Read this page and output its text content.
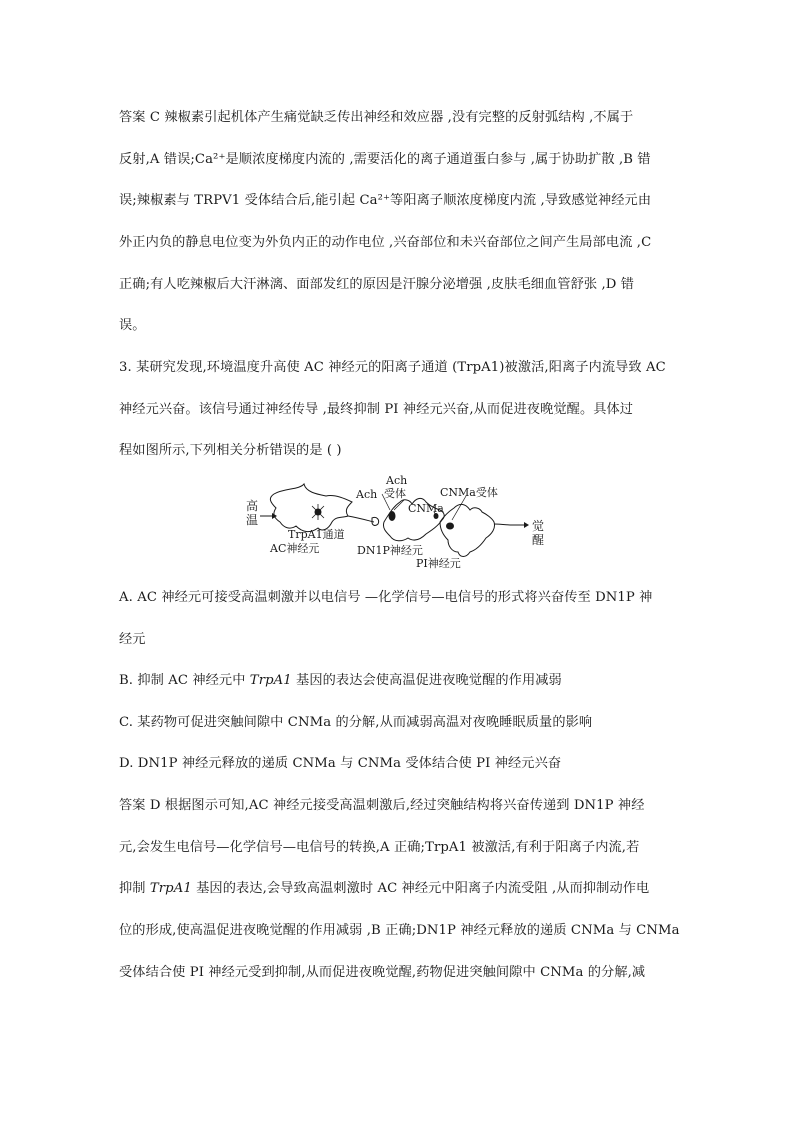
答案 C 辣椒素引起机体产生痛觉缺乏传出神经和效应器 ,没有完整的反射弧结构 ,不属于
反射,A 错误;Ca²⁺是顺浓度梯度内流的 ,需要活化的离子通道蛋白参与 ,属于协助扩散 ,B 错
误;辣椒素与 TRPV1 受体结合后,能引起 Ca²⁺等阳离子顺浓度梯度内流 ,导致感觉神经元由
外正内负的静息电位变为外负内正的动作电位 ,兴奋部位和未兴奋部位之间产生局部电流 ,C
正确;有人吃辣椒后大汗淋漓、面部发红的原因是汗腺分泌增强 ,皮肤毛细血管舒张 ,D 错
误。
3. 某研究发现,环境温度升高使 AC 神经元的阳离子通道 (TrpA1)被激活,阳离子内流导致 AC
神经元兴奋。该信号通过神经传导 ,最终抑制 PI 神经元兴奋,从而促进夜晚觉醒。具体过
程如图所示,下列相关分析错误的是 ( )
高
温
TrpA1通道
AC神经元
Ach
Ach
受体
CNMa
CNMa受体
DN1P神经元
PI神经元
觉
醒
A. AC 神经元可接受高温刺激并以电信号 —化学信号—电信号的形式将兴奋传至 DN1P 神
经元
B. 抑制 AC 神经元中 TrpA1 基因的表达会使高温促进夜晚觉醒的作用减弱
C. 某药物可促进突触间隙中 CNMa 的分解,从而减弱高温对夜晚睡眠质量的影响
D. DN1P 神经元释放的递质 CNMa 与 CNMa 受体结合使 PI 神经元兴奋
答案 D 根据图示可知,AC 神经元接受高温刺激后,经过突触结构将兴奋传递到 DN1P 神经
元,会发生电信号—化学信号—电信号的转换,A 正确;TrpA1 被激活,有利于阳离子内流,若
抑制 TrpA1 基因的表达,会导致高温刺激时 AC 神经元中阳离子内流受阻 ,从而抑制动作电
位的形成,使高温促进夜晚觉醒的作用减弱 ,B 正确;DN1P 神经元释放的递质 CNMa 与 CNMa
受体结合使 PI 神经元受到抑制,从而促进夜晚觉醒,药物促进突触间隙中 CNMa 的分解,减
